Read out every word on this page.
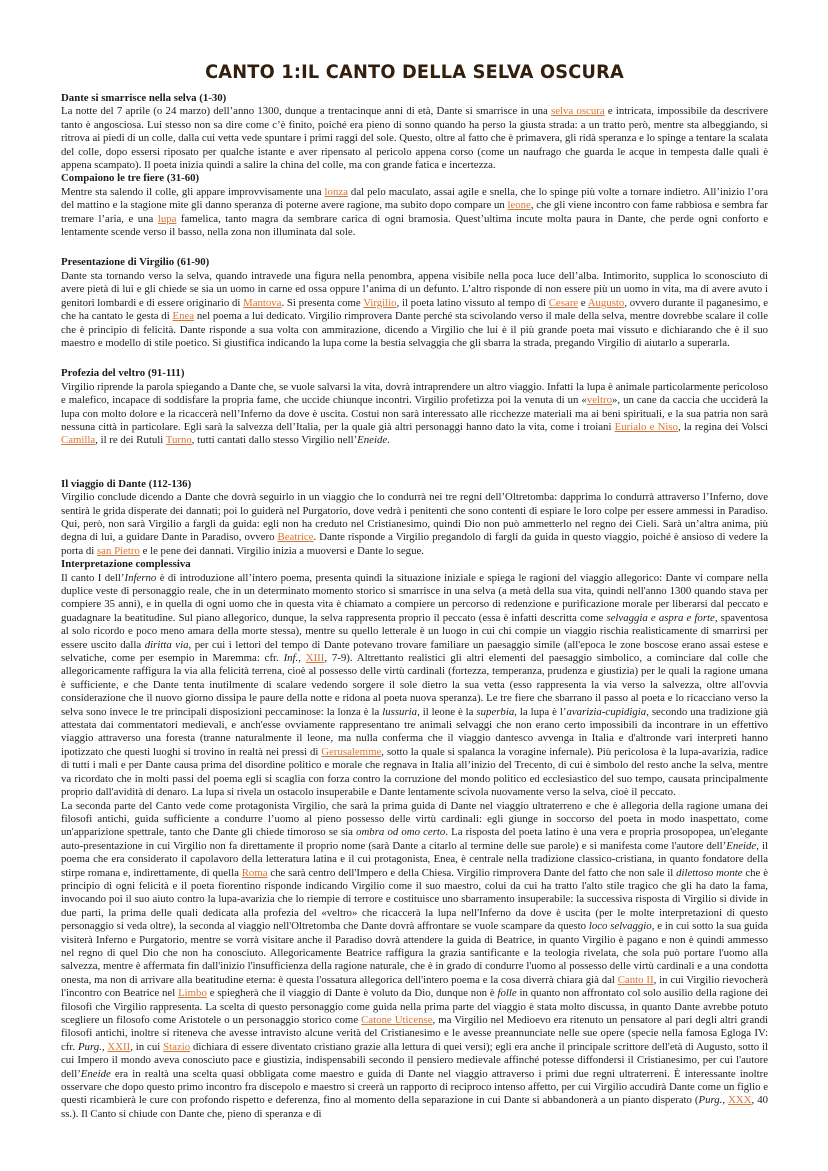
CANTO 1:IL CANTO DELLA SELVA OSCURA
Dante si smarrisce nella selva (1-30)

La notte del 7 aprile (o 24 marzo) dell’anno 1300, dunque a trentacinque anni di età, Dante si smarrisce in una selva oscura e intricata, impossibile da descrivere tanto è angosciosa. Lui stesso non sa dire come c’è finito, poiché era pieno di sonno quando ha perso la giusta strada: a un tratto però, mentre sta albeggiando, si ritrova ai piedi di un colle, dalla cui vetta vede spuntare i primi raggi del sole. Questo, oltre al fatto che è primavera, gli ridà speranza e lo spinge a tentare la scalata del colle, dopo essersi riposato per qualche istante e aver ripensato al pericolo appena corso (come un naufrago che guarda le acque in tempesta dalle quali è appena scampato). Il poeta inizia quindi a salire la china del colle, ma con grande fatica e incertezza.

Compaiono le tre fiere (31-60)

Mentre sta salendo il colle, gli appare improvvisamente una lonza dal pelo maculato, assai agile e snella, che lo spinge più volte a tornare indietro. All’inizio l’ora del mattino e la stagione mite gli danno speranza di poterne avere ragione, ma subito dopo compare un leone, che gli viene incontro con fame rabbiosa e sembra far tremare l’aria, e una lupa famelica, tanto magra da sembrare carica di ogni bramosia. Quest’ultima incute molta paura in Dante, che perde ogni conforto e lentamente scende verso il basso, nella zona non illuminata dal sole.

Presentazione di Virgilio (61-90)

Dante sta tornando verso la selva, quando intravede una figura nella penombra, appena visibile nella poca luce dell’alba. Intimorito, supplica lo sconosciuto di avere pietà di lui e gli chiede se sia un uomo in carne ed ossa oppure l’anima di un defunto. L’altro risponde di non essere più un uomo in vita, ma di avere avuto i genitori lombardi e di essere originario di Mantova. Si presenta come Virgilio, il poeta latino vissuto al tempo di Cesare e Augusto, ovvero durante il paganesimo, e che ha cantato le gesta di Enea nel poema a lui dedicato. Virgilio rimprovera Dante perché sta scivolando verso il male della selva, mentre dovrebbe scalare il colle che è principio di felicità. Dante risponde a sua volta con ammirazione, dicendo a Virgilio che lui è il più grande poeta mai vissuto e dichiarando che è il suo maestro e modello di stile poetico. Si giustifica indicando la lupa come la bestia selvaggia che gli sbarra la strada, pregando Virgilio di aiutarlo a superarla.

Profezia del veltro (91-111)

Virgilio riprende la parola spiegando a Dante che, se vuole salvarsi la vita, dovrà intraprendere un altro viaggio. Infatti la lupa è animale particolarmente pericoloso e malefico, incapace di soddisfare la propria fame, che uccide chiunque incontri. Virgilio profetizza poi la venuta di un «veltro», un cane da caccia che ucciderà la lupa con molto dolore e la ricaccerà nell’Inferno da dove è uscita. Costui non sarà interessato alle ricchezze materiali ma ai beni spirituali, e la sua patria non sarà nessuna città in particolare. Egli sarà la salvezza dell’Italia, per la quale già altri personaggi hanno dato la vita, come i troiani Eurialo e Niso, la regina dei Volsci Camilla, il re dei Rutuli Turno, tutti cantati dallo stesso Virgilio nell’Eneide.

Il viaggio di Dante (112-136)

Virgilio conclude dicendo a Dante che dovrà seguirlo in un viaggio che lo condurrà nei tre regni dell’Oltretomba: dapprima lo condurrà attraverso l’Inferno, dove sentirà le grida disperate dei dannati; poi lo guiderà nel Purgatorio, dove vedrà i penitenti che sono contenti di espiare le loro colpe per essere ammessi in Paradiso. Qui, però, non sarà Virgilio a fargli da guida: egli non ha creduto nel Cristianesimo, quindi Dio non può ammetterlo nel regno dei Cieli. Sarà un’altra anima, più degna di lui, a guidare Dante in Paradiso, ovvero Beatrice. Dante risponde a Virgilio pregandolo di fargli da guida in questo viaggio, poiché è ansioso di vedere la porta di san Pietro e le pene dei dannati. Virgilio inizia a muoversi e Dante lo segue.

Interpretazione complessiva

Il canto I dell’Inferno è di introduzione all’intero poema, presenta quindi la situazione iniziale e spiega le ragioni del viaggio allegorico: Dante vi compare nella duplice veste di personaggio reale, che in un determinato momento storico si smarrisce in una selva (a metà della sua vita, quindi nell'anno 1300 quando stava per compiere 35 anni), e in quella di ogni uomo che in questa vita è chiamato a compiere un percorso di redenzione e purificazione morale per liberarsi dal peccato e guadagnare la beatitudine. Sul piano allegorico, dunque, la selva rappresenta proprio il peccato (essa è infatti descritta come selvaggia e aspra e forte, spaventosa al solo ricordo e poco meno amara della morte stessa), mentre su quello letterale è un luogo in cui chi compie un viaggio rischia realisticamente di smarrirsi per essere uscito dalla diritta via, per cui i lettori del tempo di Dante potevano trovare familiare un paesaggio simile (all'epoca le zone boscose erano assai estese e selvatiche, come per esempio in Maremma: cfr. Inf., XIII, 7-9). Altrettanto realistici gli altri elementi del paesaggio simbolico, a cominciare dal colle che allegoricamente raffigura la via alla felicità terrena, cioè al possesso delle virtù cardinali (fortezza, temperanza, prudenza e giustizia) per le quali la ragione umana è sufficiente, e che Dante tenta inutilmente di scalare vedendo sorgere il sole dietro la sua vetta (esso rappresenta la via verso la salvezza, oltre all'ovvia considerazione che il nuovo giorno dissipa le paure della notte e ridona al poeta nuova speranza). Le tre fiere che sbarrano il passo al poeta e lo ricacciano verso la selva sono invece le tre principali disposizioni peccaminose: la lonza è la lussuria, il leone è la superbia, la lupa è l’avarizia-cupidigia, secondo una tradizione già attestata dai commentatori medievali, e anch'esse ovviamente rappresentano tre animali selvaggi che non erano certo impossibili da incontrare in un effettivo viaggio attraverso una foresta (tranne naturalmente il leone, ma nulla conferma che il viaggio dantesco avvenga in Italia e d'altronde vari interpreti hanno ipotizzato che questi luoghi si trovino in realtà nei pressi di Gerusalemme, sotto la quale si spalanca la voragine infernale). Più pericolosa è la lupa-avarizia, radice di tutti i mali e per Dante causa prima del disordine politico e morale che regnava in Italia all’inizio del Trecento, di cui è simbolo del resto anche la selva, mentre va ricordato che in molti passi del poema egli si scaglia con forza contro la corruzione del mondo politico ed ecclesiastico del suo tempo, causata principalmente proprio dall'avidità di denaro. La lupa si rivela un ostacolo insuperabile e Dante lentamente scivola nuovamente verso la selva, cioè il peccato.

La seconda parte del Canto vede come protagonista Virgilio, che sarà la prima guida di Dante nel viaggio ultraterreno e che è allegoria della ragione umana dei filosofi antichi, guida sufficiente a condurre l’uomo al pieno possesso delle virtù cardinali: egli giunge in soccorso del poeta in modo inaspettato, come un'apparizione spettrale, tanto che Dante gli chiede timoroso se sia ombra od omo certo. La risposta del poeta latino è una vera e propria prosopopea, un'elegante auto-presentazione in cui Virgilio non fa direttamente il proprio nome (sarà Dante a citarlo al termine delle sue parole) e si manifesta come l'autore dell’Eneide, il poema che era considerato il capolavoro della letteratura latina e il cui protagonista, Enea, è centrale nella tradizione classico-cristiana, in quanto fondatore della stirpe romana e, indirettamente, di quella Roma che sarà centro dell'Impero e della Chiesa. Virgilio rimprovera Dante del fatto che non sale il dilettoso monte che è principio di ogni felicità e il poeta fiorentino risponde indicando Virgilio come il suo maestro, colui da cui ha tratto l'alto stile tragico che gli ha dato la fama, invocando poi il suo aiuto contro la lupa-avarizia che lo riempie di terrore e costituisce uno sbarramento insuperabile: la successiva risposta di Virgilio si divide in due parti, la prima delle quali dedicata alla profezia del «veltro» che ricaccerà la lupa nell'Inferno da dove è uscita (per le molte interpretazioni di questo personaggio si veda oltre), la seconda al viaggio nell'Oltretomba che Dante dovrà affrontare se vuole scampare da questo loco selvaggio, e in cui sotto la sua guida visiterà Inferno e Purgatorio, mentre se vorrà visitare anche il Paradiso dovrà attendere la guida di Beatrice, in quanto Virgilio è pagano e non è quindi ammesso nel regno di quel Dio che non ha conosciuto. Allegoricamente Beatrice raffigura la grazia santificante e la teologia rivelata, che sola può portare l'uomo alla salvezza, mentre è affermata fin dall'inizio l'insufficienza della ragione naturale, che è in grado di condurre l'uomo al possesso delle virtù cardinali e a una condotta onesta, ma non di arrivare alla beatitudine eterna: è questa l'ossatura allegorica dell'intero poema e la cosa diverrà chiara già dal Canto II, in cui Virgilio rievocherà l'incontro con Beatrice nel Limbo e spiegherà che il viaggio di Dante è voluto da Dio, dunque non è folle in quanto non affrontato col solo ausilio della ragione dei filosofi che Virgilio rappresenta. La scelta di questo personaggio come guida nella prima parte del viaggio è stata molto discussa, in quanto Dante avrebbe potuto scegliere un filosofo come Aristotele o un personaggio storico come Catone Uticense, ma Virgilio nel Medioevo era ritenuto un pensatore al pari degli altri grandi filosofi antichi, inoltre si riteneva che avesse intravisto alcune verità del Cristianesimo e le avesse preannunciate nelle sue opere (specie nella famosa Egloga IV: cfr. Purg., XXII, in cui Stazio dichiara di essere diventato cristiano grazie alla lettura di quei versi); egli era anche il principale scrittore dell'età di Augusto, sotto il cui Impero il mondo aveva conosciuto pace e giustizia, indispensabili secondo il pensiero medievale affinché potesse diffondersi il Cristianesimo, per cui l'autore dell’Eneide era in realtà una scelta quasi obbligata come maestro e guida di Dante nel viaggio attraverso i primi due regni ultraterreni. È interessante inoltre osservare che dopo questo primo incontro fra discepolo e maestro si creerà un rapporto di reciproco intenso affetto, per cui Virgilio accudirà Dante come un figlio e questi ricambierà le cure con profondo rispetto e deferenza, fino al momento della separazione in cui Dante si abbandonerà a un pianto disperato (Purg., XXX, 40 ss.). Il Canto si chiude con Dante che, pieno di speranza e di
